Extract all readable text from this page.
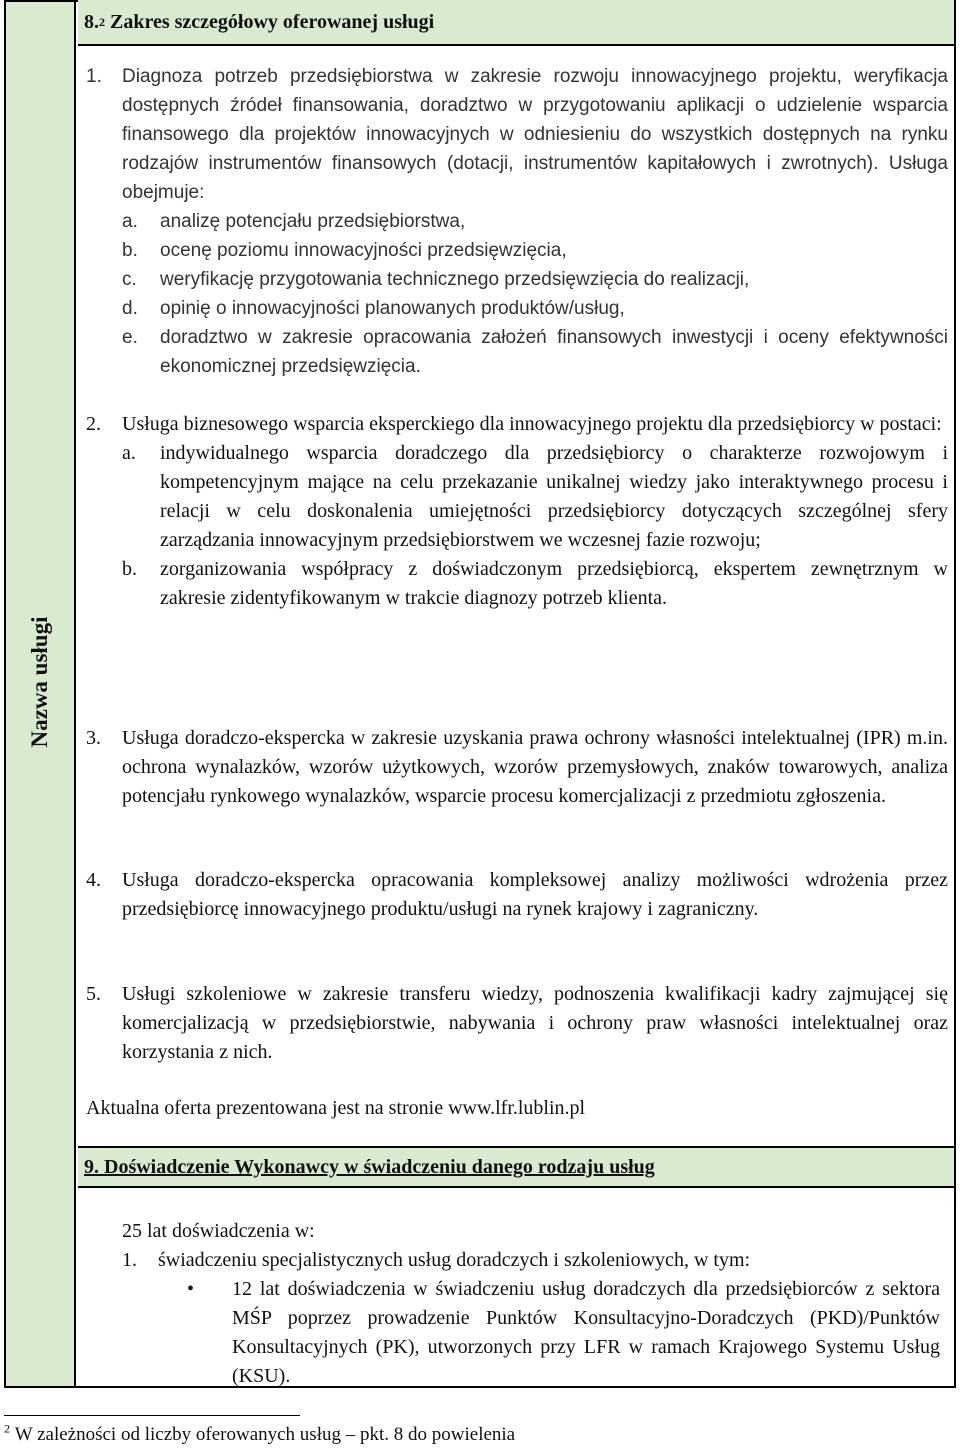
Nazwa usługi
8. 2
Zakres szczegółowy oferowanej usługi
1.	Diagnoza potrzeb przedsiębiorstwa w zakresie rozwoju innowacyjnego projektu, weryfikacja dostępnych źródeł finansowania, doradztwo w przygotowaniu aplikacji o udzielenie wsparcia finansowego dla projektów innowacyjnych w odniesieniu do wszystkich dostępnych na rynku rodzajów instrumentów finansowych (dotacji, instrumentów kapitałowych i zwrotnych). Usługa obejmuje:
a.	analizę potencjału przedsiębiorstwa,
b.	ocenę poziomu innowacyjności przedsięwzięcia,
c.	weryfikację przygotowania technicznego przedsięwzięcia do realizacji,
d.	opinię o innowacyjności planowanych produktów/usług,
e.	doradztwo w zakresie opracowania założeń finansowych inwestycji i oceny efektywności ekonomicznej przedsięwzięcia.
2.	Usługa biznesowego wsparcia eksperckiego dla innowacyjnego projektu dla przedsiębiorcy w postaci:
a.	indywidualnego wsparcia doradczego dla przedsiębiorcy o charakterze rozwojowym i kompetencyjnym mające na celu przekazanie unikalnej wiedzy jako interaktywnego procesu i relacji w celu doskonalenia umiejętności przedsiębiorcy dotyczących szczególnej sfery zarządzania innowacyjnym przedsiębiorstwem we wczesnej fazie rozwoju;
b.	zorganizowania współpracy z doświadczonym przedsiębiorcą, ekspertem zewnętrznym w zakresie zidentyfikowanym w trakcie diagnozy potrzeb klienta.
3.	Usługa doradczo-ekspercka w zakresie uzyskania prawa ochrony własności intelektualnej (IPR) m.in. ochrona wynalazków, wzorów użytkowych, wzorów przemysłowych, znaków towarowych, analiza potencjału rynkowego wynalazków, wsparcie procesu komercjalizacji z przedmiotu zgłoszenia.
4.	Usługa doradczo-ekspercka opracowania kompleksowej analizy możliwości wdrożenia przez przedsiębiorcę innowacyjnego produktu/usługi na rynek krajowy i zagraniczny.
5.	Usługi szkoleniowe w zakresie transferu wiedzy, podnoszenia kwalifikacji kadry zajmującej się komercjalizacją w przedsiębiorstwie, nabywania i ochrony praw własności intelektualnej oraz korzystania z nich.
Aktualna oferta prezentowana jest na stronie www.lfr.lublin.pl
9. Doświadczenie Wykonawcy w świadczeniu danego rodzaju usług
25 lat doświadczenia w:
1.	świadczeniu specjalistycznych usług doradczych i szkoleniowych, w tym:
•	12 lat doświadczenia w świadczeniu usług doradczych dla przedsiębiorców z sektora MŚP poprzez prowadzenie Punktów Konsultacyjno-Doradczych (PKD)/Punktów Konsultacyjnych (PK), utworzonych przy LFR w ramach Krajowego Systemu Usług (KSU).
$^2$ W zależności od liczby oferowanych usług – pkt. 8 do powielenia
